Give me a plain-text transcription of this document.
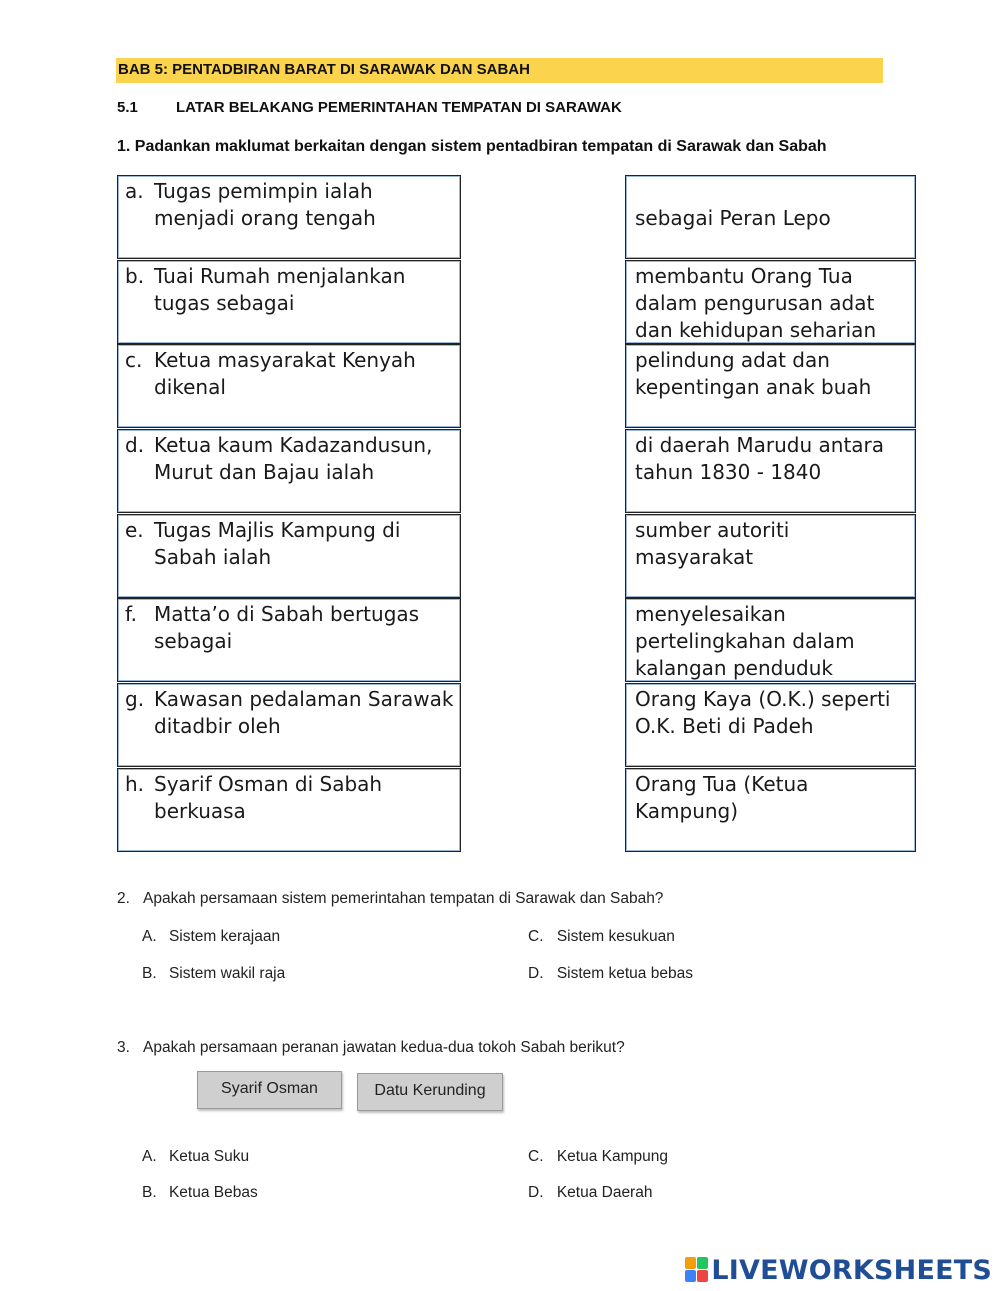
BAB 5: PENTADBIRAN BARAT DI SARAWAK DAN SABAH
5.1	LATAR BELAKANG PEMERINTAHAN TEMPATAN DI SARAWAK
1. Padankan maklumat berkaitan dengan sistem pentadbiran tempatan di Sarawak dan Sabah
a. Tugas pemimpin ialah menjadi orang tengah
b. Tuai Rumah menjalankan tugas sebagai
c. Ketua masyarakat Kenyah dikenal
d. Ketua kaum Kadazandusun, Murut dan Bajau ialah
e. Tugas Majlis Kampung di Sabah ialah
f. Matta’o di Sabah bertugas sebagai
g. Kawasan pedalaman Sarawak ditadbir oleh
h. Syarif Osman di Sabah berkuasa
sebagai Peran Lepo
membantu Orang Tua dalam pengurusan adat dan kehidupan seharian
pelindung adat dan kepentingan anak buah
di daerah Marudu antara tahun 1830 - 1840
sumber autoriti masyarakat
menyelesaikan pertelingkahan dalam kalangan penduduk
Orang Kaya (O.K.) seperti O.K. Beti di Padeh
Orang Tua (Ketua Kampung)
2. Apakah persamaan sistem pemerintahan tempatan di Sarawak dan Sabah?
A. Sistem kerajaan
B. Sistem wakil raja
C. Sistem kesukuan
D. Sistem ketua bebas
3. Apakah persamaan peranan jawatan kedua-dua tokoh Sabah berikut?
Syarif Osman	Datu Kerunding
A. Ketua Suku
B. Ketua Bebas
C. Ketua Kampung
D. Ketua Daerah
LIVEWORKSHEETS
